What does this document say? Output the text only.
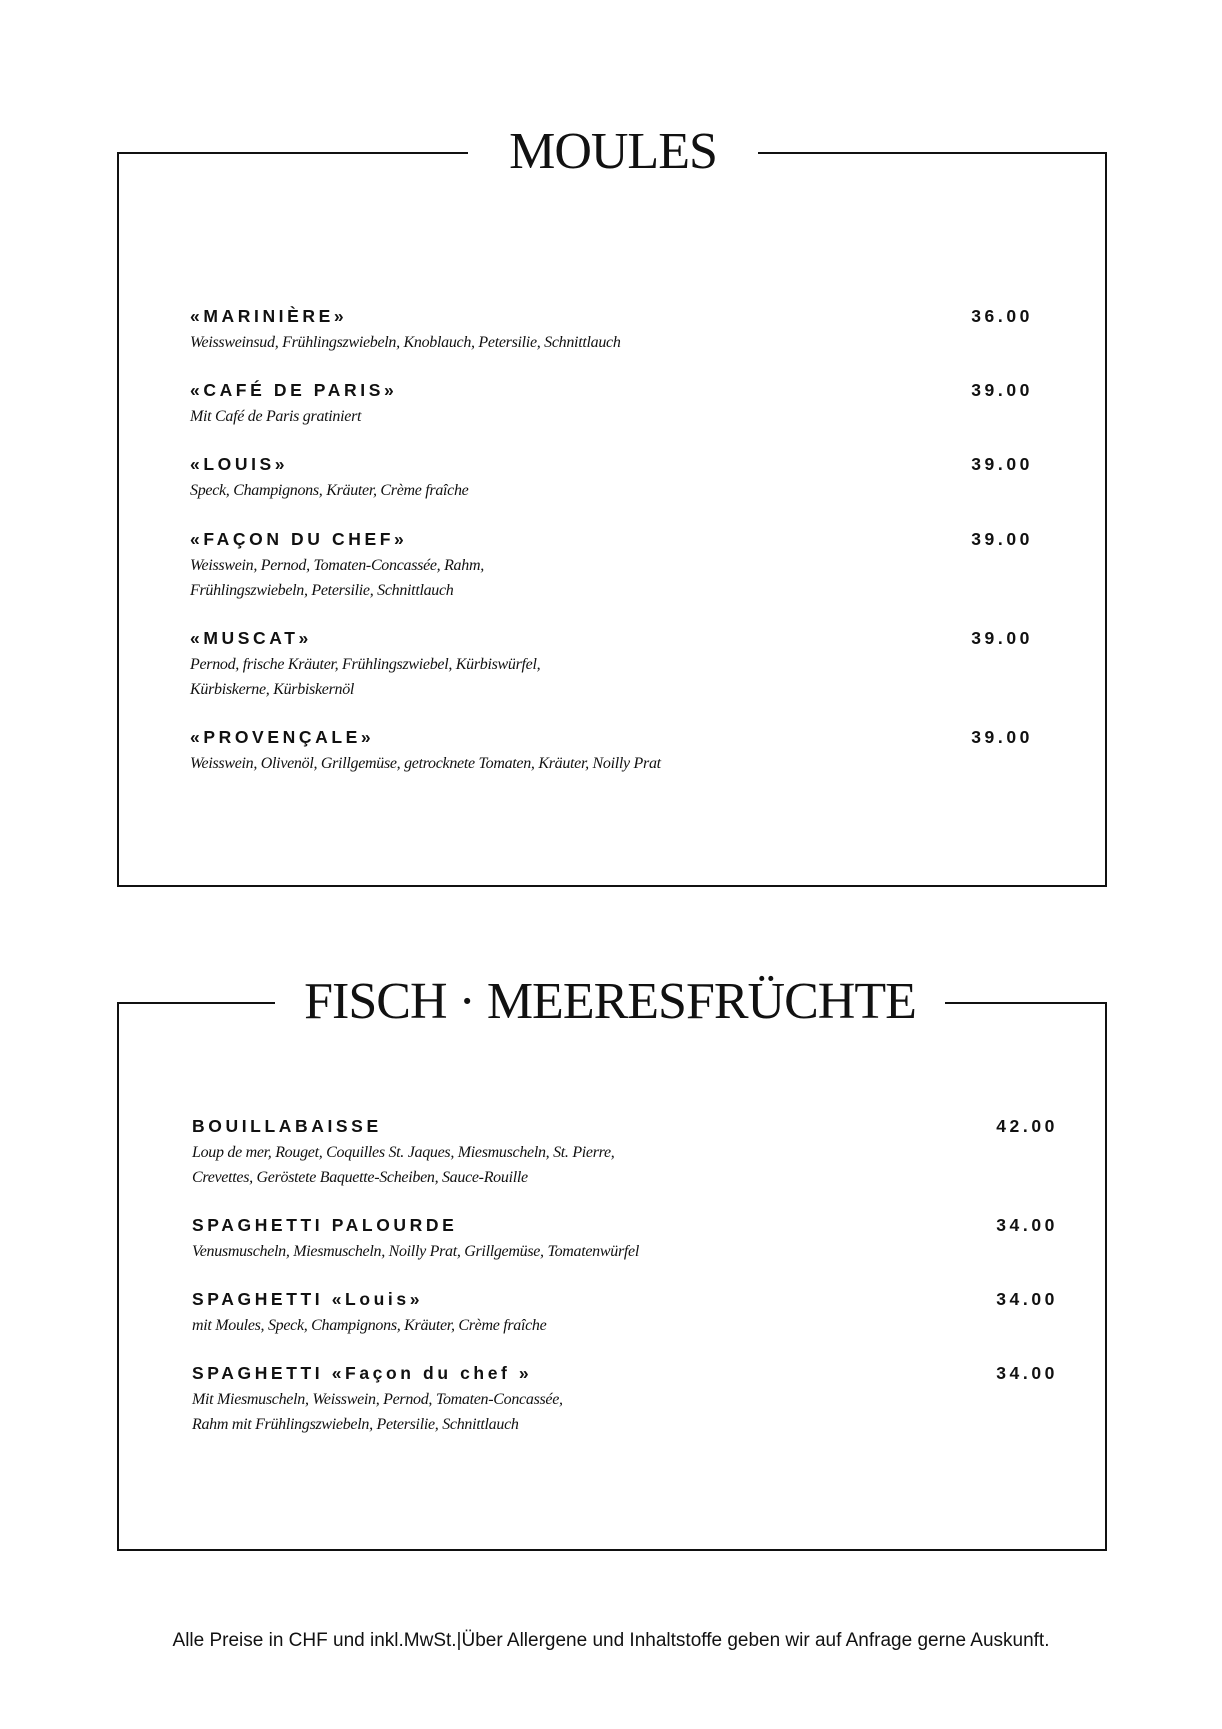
MOULES
«MARINIÈRE»
Weissweinsud, Frühlingszwiebeln, Knoblauch, Petersilie, Schnittlauch
36.00
«CAFÉ DE PARIS»
Mit Café de Paris gratiniert
39.00
«LOUIS»
Speck, Champignons, Kräuter, Crème fraîche
39.00
«FAÇON DU CHEF»
Weisswein, Pernod, Tomaten-Concassée, Rahm,
Frühlingszwiebeln, Petersilie, Schnittlauch
39.00
«MUSCAT»
Pernod, frische Kräuter, Frühlingszwiebel, Kürbiswürfel,
Kürbiskerne, Kürbiskernöl
39.00
«PROVENÇALE»
Weisswein, Olivenöl, Grillgemüse, getrocknete Tomaten, Kräuter, Noilly Prat
39.00
FISCH · MEERESFRÜCHTE
BOUILLABAISSE
Loup de mer, Rouget, Coquilles St. Jaques, Miesmuscheln, St. Pierre,
Crevettes, Geröstete Baquette-Scheiben, Sauce-Rouille
42.00
SPAGHETTI PALOURDE
Venusmuscheln, Miesmuscheln, Noilly Prat, Grillgemüse, Tomatenwürfel
34.00
SPAGHETTI «Louis»
mit Moules, Speck, Champignons, Kräuter, Crème fraîche
34.00
SPAGHETTI «Façon du chef »
Mit Miesmuscheln, Weisswein, Pernod, Tomaten-Concassée,
Rahm mit Frühlingszwiebeln, Petersilie, Schnittlauch
34.00
Alle Preise in CHF und inkl.MwSt.|Über Allergene und Inhaltstoffe geben wir auf Anfrage gerne Auskunft.
